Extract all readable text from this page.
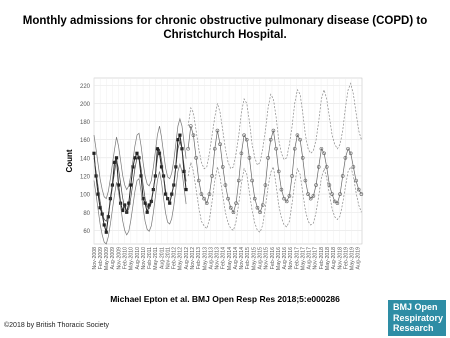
Monthly admissions for chronic obstructive pulmonary disease (COPD) to Christchurch Hospital.
60
80
100
120
140
160
180
200
220
Nov-2008 Feb-2009 May-2009 Aug-2009 Nov-2009 Feb-2010 May-2010 Aug-2010 Nov-2010 Feb-2011 May-2011 Aug-2011 Nov-2011 Feb-2012 May-2012 Aug-2012 Nov-2012 Feb-2013 May-2013 Aug-2013 Nov-2013 Feb-2014 May-2014 Aug-2014 Nov-2014 Feb-2015 May-2015 Aug-2015 Nov-2015 Feb-2016 May-2016 Aug-2016 Nov-2016 Feb-2017 May-2017 Aug-2017 Nov-2017 Feb-2018 May-2018 Aug-2018 Nov-2018 Feb-2019 May-2019 Aug-2019
Count
Michael Epton et al. BMJ Open Resp Res 2018;5:e000286
©2018 by British Thoracic Society
BMJ Open
Respiratory
Research
